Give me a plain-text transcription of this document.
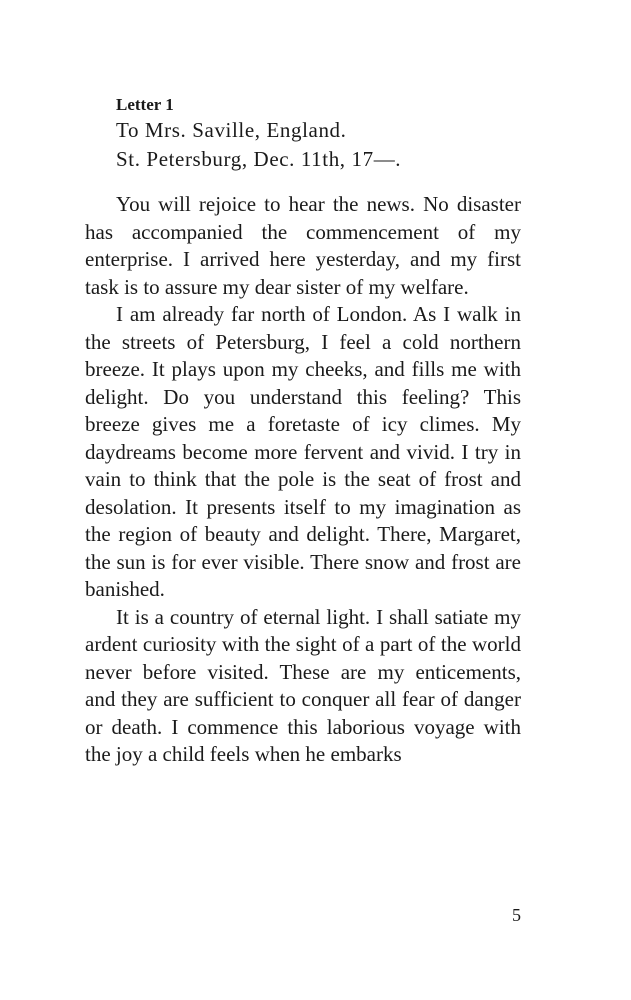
Letter 1
To Mrs. Saville, England.
St. Petersburg, Dec. 11th, 17—.

You will rejoice to hear the news. No disaster has accompanied the commencement of my enterprise. I arrived here yesterday, and my first task is to assure my dear sister of my welfare.

I am already far north of London. As I walk in the streets of Petersburg, I feel a cold northern breeze. It plays upon my cheeks, and fills me with delight. Do you understand this feeling? This breeze gives me a foretaste of icy climes. My daydreams become more fervent and vivid. I try in vain to think that the pole is the seat of frost and desolation. It presents itself to my imagination as the region of beauty and delight. There, Margaret, the sun is for ever visible. There snow and frost are banished.

It is a country of eternal light. I shall satiate my ardent curiosity with the sight of a part of the world never before visited. These are my enticements, and they are sufficient to conquer all fear of danger or death. I commence this laborious voyage with the joy a child feels when he embarks

5
